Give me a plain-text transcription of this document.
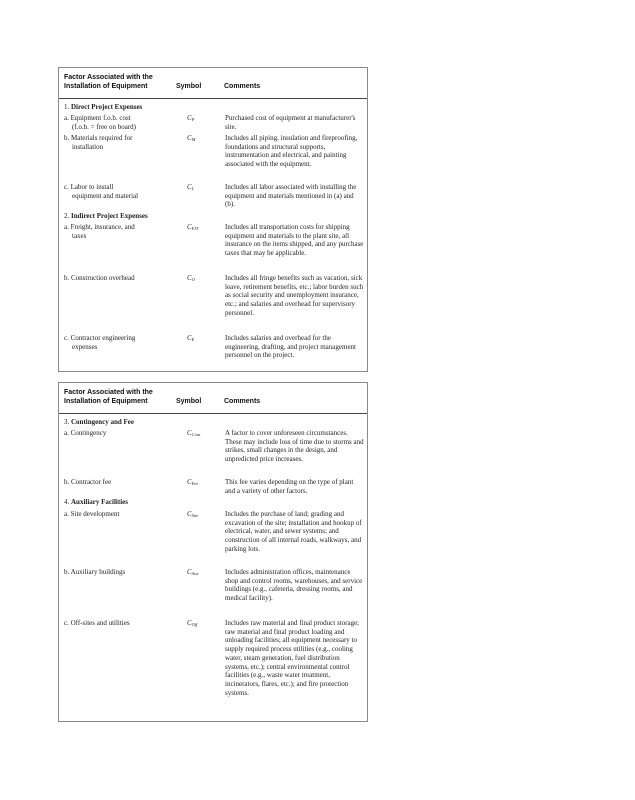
Factor Associated with the Installation of Equipment	Symbol	Comments
1. Direct Project Expenses
a. Equipment f.o.b. cost
(f.o.b. = free on board)
$C_P$	Purchased cost of equipment at manufacturer's site.
b. Materials required for
installation
$C_M$	Includes all piping, insulation and fireproofing, foundations and structural supports, instrumentation and electrical, and painting associated with the equipment.
c. Labor to install
equipment and material
$C_L$	Includes all labor associated with installing the equipment and materials mentioned in (a) and (b).
2. Indirect Project Expenses
a. Freight, insurance, and
taxes
$C_{FIT}$	Includes all transportation costs for shipping equipment and materials to the plant site, all insurance on the items shipped, and any purchase taxes that may be applicable.
b. Construction overhead	$C_O$	Includes all fringe benefits such as vacation, sick leave, retirement benefits, etc.; labor burden such as social security and unemployment insurance, etc.; and salaries and overhead for supervisory personnel.
c. Contractor engineering
expenses
$C_E$	Includes salaries and overhead for the engineering, drafting, and project management personnel on the project.
Factor Associated with the Installation of Equipment	Symbol	Comments
3. Contingency and Fee
a. Contingency	$C_{Cont}$	A factor to cover unforeseen circumstances. These may include loss of time due to storms and strikes, small changes in the design, and unpredicted price increases.
b. Contractor fee	$C_{Fee}$	This fee varies depending on the type of plant and a variety of other factors.
4. Auxiliary Facilities
a. Site development	$C_{Site}$	Includes the purchase of land; grading and excavation of the site; installation and hookup of electrical, water, and sewer systems; and construction of all internal roads, walkways, and parking lots.
b. Auxiliary buildings	$C_{Aux}$	Includes administration offices, maintenance shop and control rooms, warehouses, and service buildings (e.g., cafeteria, dressing rooms, and medical facility).
c. Off-sites and utilities	$C_{Off}$	Includes raw material and final product storage; raw material and final product loading and unloading facilities; all equipment necessary to supply required process utilities (e.g., cooling water, steam generation, fuel distribution systems, etc.); central environmental control facilities (e.g., waste water treatment, incinerators, flares, etc.); and fire protection systems.
